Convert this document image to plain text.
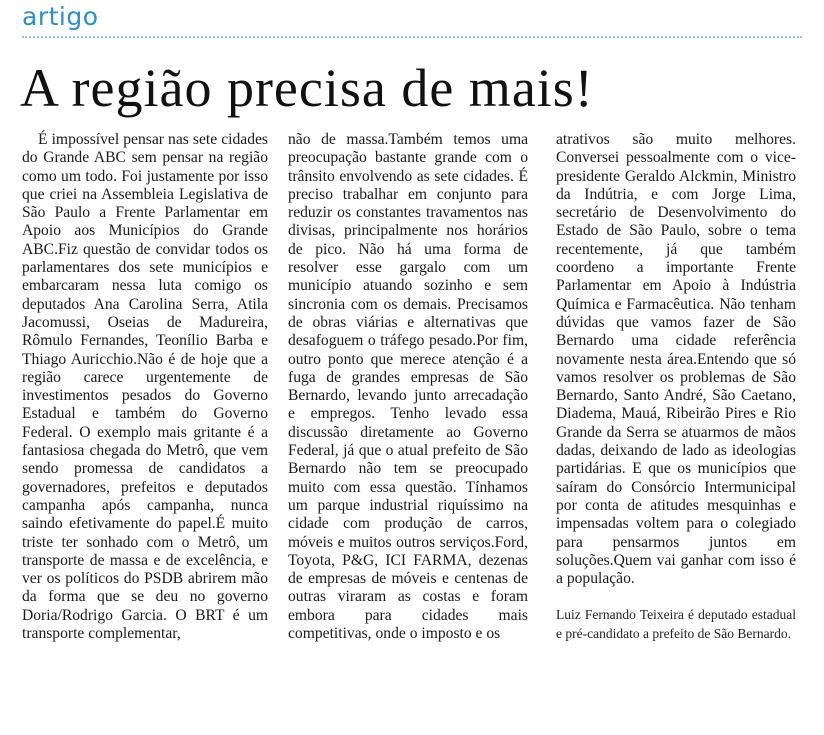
artigo
A região precisa de mais!

É impossível pensar nas sete cidades do Grande ABC sem pensar na região como um todo. Foi justamente por isso que criei na Assembleia Legislativa de São Paulo a Frente Parlamentar em Apoio aos Municípios do Grande ABC.Fiz questão de convidar todos os parlamentares dos sete municípios e embarcaram nessa luta comigo os deputados Ana Carolina Serra, Atila Jacomussi, Oseias de Madureira, Rômulo Fernandes, Teonílio Barba e Thiago Auricchio.Não é de hoje que a região carece urgentemente de investimentos pesados do Governo Estadual e também do Governo Federal. O exemplo mais gritante é a fantasiosa chegada do Metrô, que vem sendo promessa de candidatos a governadores, prefeitos e deputados campanha após campanha, nunca saindo efetivamente do papel.É muito triste ter sonhado com o Metrô, um transporte de massa e de excelência, e ver os políticos do PSDB abrirem mão da forma que se deu no governo Doria/Rodrigo Garcia. O BRT é um transporte complementar,

não de massa.Também temos uma preocupação bastante grande com o trânsito envolvendo as sete cidades. É preciso trabalhar em conjunto para reduzir os constantes travamentos nas divisas, principalmente nos horários de pico. Não há uma forma de resolver esse gargalo com um município atuando sozinho e sem sincronia com os demais. Precisamos de obras viárias e alternativas que desafoguem o tráfego pesado.Por fim, outro ponto que merece atenção é a fuga de grandes empresas de São Bernardo, levando junto arrecadação e empregos. Tenho levado essa discussão diretamente ao Governo Federal, já que o atual prefeito de São Bernardo não tem se preocupado muito com essa questão. Tínhamos um parque industrial riquíssimo na cidade com produção de carros, móveis e muitos outros serviços.Ford, Toyota, P&G, ICI FARMA, dezenas de empresas de móveis e centenas de outras viraram as costas e foram embora para cidades mais competitivas, onde o imposto e os

atrativos são muito melhores. Conversei pessoalmente com o vice-presidente Geraldo Alckmin, Ministro da Indútria, e com Jorge Lima, secretário de Desenvolvimento do Estado de São Paulo, sobre o tema recentemente, já que também coordeno a importante Frente Parlamentar em Apoio à Indústria Química e Farmacêutica. Não tenham dúvidas que vamos fazer de São Bernardo uma cidade referência novamente nesta área.Entendo que só vamos resolver os problemas de São Bernardo, Santo André, São Caetano, Diadema, Mauá, Ribeirão Pires e Rio Grande da Serra se atuarmos de mãos dadas, deixando de lado as ideologias partidárias. E que os municípios que saíram do Consórcio Intermunicipal por conta de atitudes mesquinhas e impensadas voltem para o colegiado para pensarmos juntos em soluções.Quem vai ganhar com isso é a população.

Luiz Fernando Teixeira é deputado estadual e pré-candidato a prefeito de São Bernardo.
